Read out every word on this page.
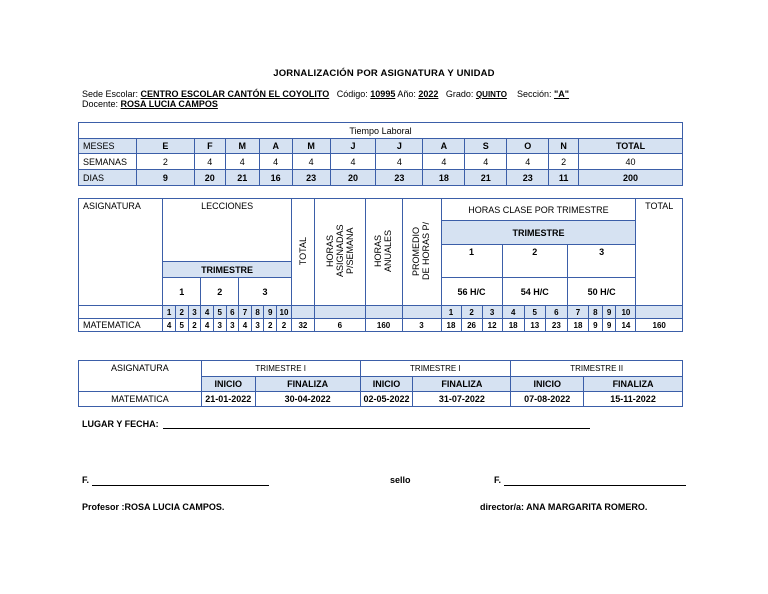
JORNALIZACIÓN POR ASIGNATURA Y UNIDAD
Sede Escolar: CENTRO ESCOLAR CANTÓN EL COYOLITO Código: 10995 Año: 2022 Grado: QUINTO Sección: "A"
Docente: ROSA LUCIA CAMPOS
Tiempo Laboral												
MESES	E	F	M	A	M	J	J	A	S	O	N	TOTAL
SEMANAS	2	4	4	4	4	4	4	4	4	4	2	40
DIAS	9	20	21	16	23	20	23	18	21	23	11	200
ASIGNATURA	LECCIONES										TOTAL	HORAS ASIGNADAS P/SEMANA	HORAS ANUALES	PROMEDIO DE HORAS P/	HORAS CLASE POR TRIMESTRE										TOTAL
															TRIMESTRE										
															1			2			3				
	TRIMESTRE																								
	1			2			3								56 H/C			54 H/C			50 H/C				
	1	2	3	4	5	6	7	8	9	10					1	2	3	4	5	6	7	8	9	10	
MATEMATICA	4	5	2	4	3	3	4	3	2	2	32	6	160	3	18	26	12	18	13	23	18	9	9	14	160
ASIGNATURA	TRIMESTRE I		TRIMESTRE I		TRIMESTRE II	
	INICIO	FINALIZA	INICIO	FINALIZA	INICIO	FINALIZA
MATEMATICA	21-01-2022	30-04-2022	02-05-2022	31-07-2022	07-08-2022	15-11-2022
LUGAR Y FECHA:
F.	sello	F.
Profesor :ROSA LUCIA CAMPOS.	director/a: ANA MARGARITA ROMERO.
